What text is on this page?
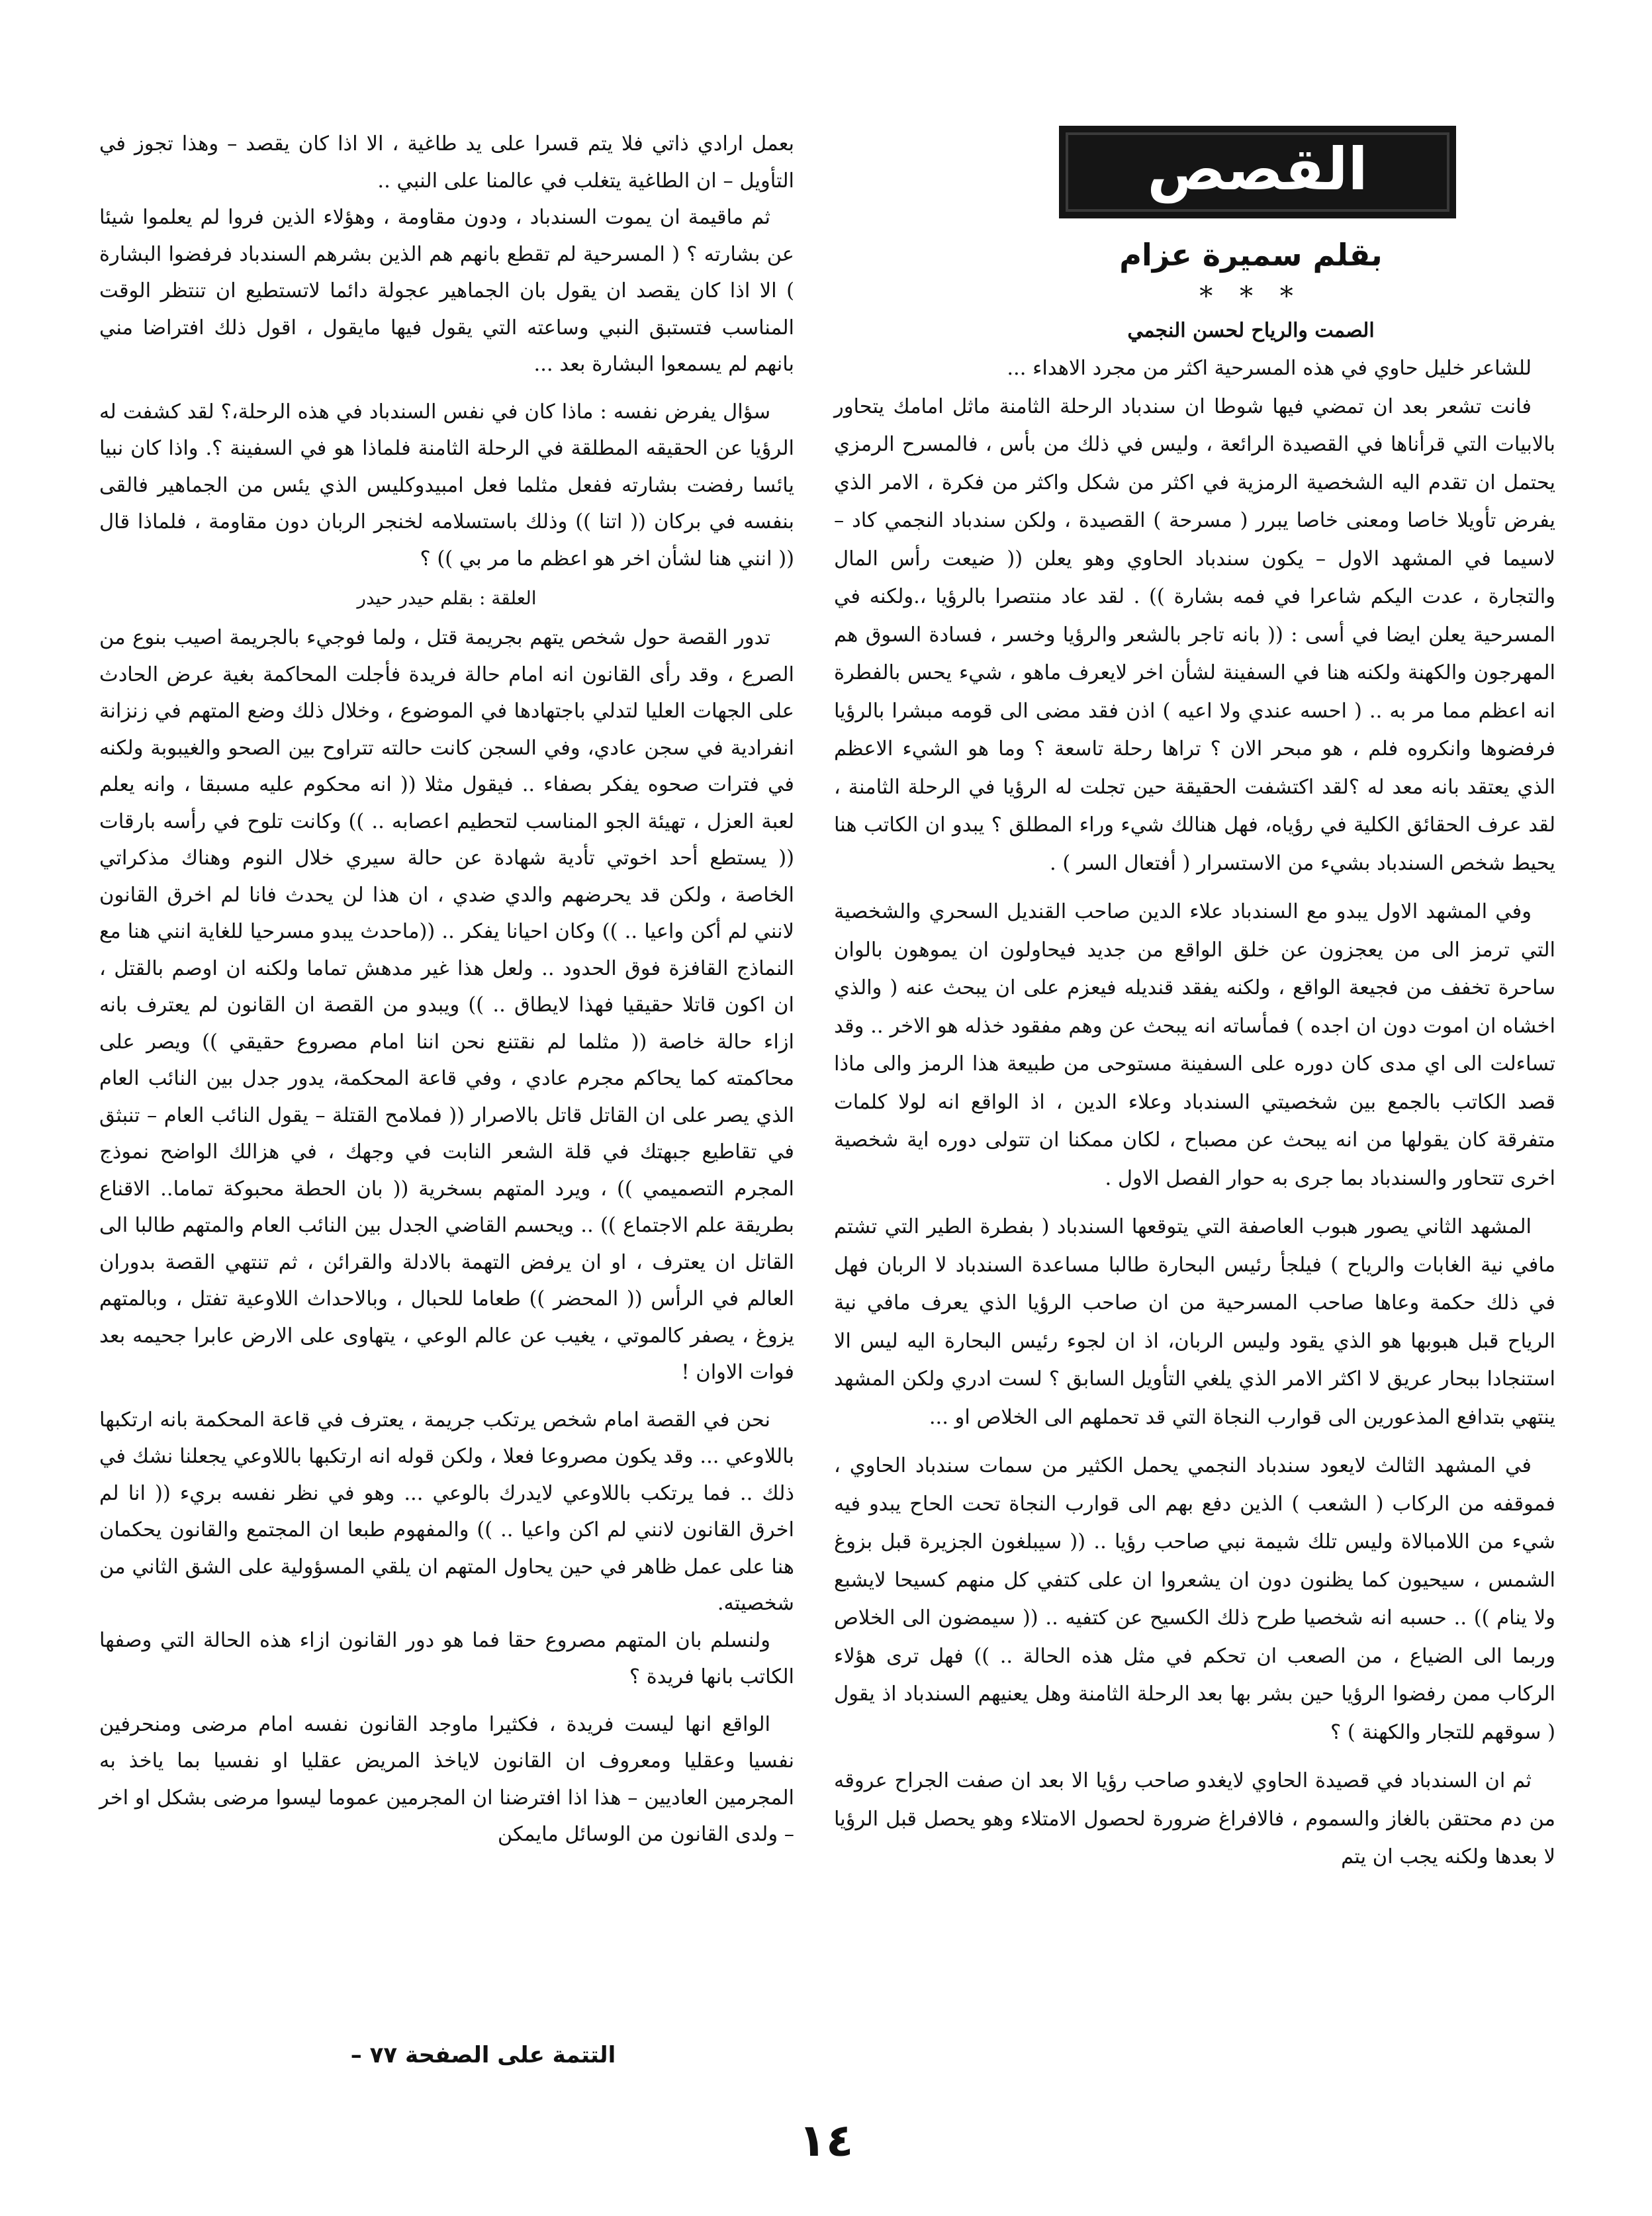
القصص
بقلم سميرة عزام
* * *
الصمت والرياح لحسن النجمي

للشاعر خليل حاوي في هذه المسرحية اكثر من مجرد الاهداء ...

فانت تشعر بعد ان تمضي فيها شوطا ان سندباد الرحلة الثامنة ماثل امامك يتحاور بالابيات التي قرأناها في القصيدة الرائعة ، وليس في ذلك من بأس ، فالمسرح الرمزي يحتمل ان تقدم اليه الشخصية الرمزية في اكثر من شكل واكثر من فكرة ، الامر الذي يفرض تأويلا خاصا ومعنى خاصا يبرر ( مسرحة ) القصيدة ، ولكن سندباد النجمي كاد – لاسيما في المشهد الاول – يكون سندباد الحاوي وهو يعلن (( ضيعت رأس المال والتجارة ، عدت اليكم شاعرا في فمه بشارة )) . لقد عاد منتصرا بالرؤيا ،.ولكنه في المسرحية يعلن ايضا في أسى : (( بانه تاجر بالشعر والرؤيا وخسر ، فسادة السوق هم المهرجون والكهنة ولكنه هنا في السفينة لشأن اخر لايعرف ماهو ، شيء يحس بالفطرة انه اعظم مما مر به .. ( احسه عندي ولا اعيه ) اذن فقد مضى الى قومه مبشرا بالرؤيا فرفضوها وانكروه فلم ، هو مبحر الان ؟ تراها رحلة تاسعة ؟ وما هو الشيء الاعظم الذي يعتقد بانه معد له ؟لقد اكتشفت الحقيقة حين تجلت له الرؤيا في الرحلة الثامنة ، لقد عرف الحقائق الكلية في رؤياه، فهل هنالك شيء وراء المطلق ؟ يبدو ان الكاتب هنا يحيط شخص السندباد بشيء من الاستسرار ( أفتعال السر ) .

وفي المشهد الاول يبدو مع السندباد علاء الدين صاحب القنديل السحري والشخصية التي ترمز الى من يعجزون عن خلق الواقع من جديد فيحاولون ان يموهون بالوان ساحرة تخفف من فجيعة الواقع ، ولكنه يفقد قنديله فيعزم على ان يبحث عنه ( والذي اخشاه ان اموت دون ان اجده ) فمأساته انه يبحث عن وهم مفقود خذله هو الاخر .. وقد تساءلت الى اي مدى كان دوره على السفينة مستوحى من طبيعة هذا الرمز والى ماذا قصد الكاتب بالجمع بين شخصيتي السندباد وعلاء الدين ، اذ الواقع انه لولا كلمات متفرقة كان يقولها من انه يبحث عن مصباح ، لكان ممكنا ان تتولى دوره اية شخصية اخرى تتحاور والسندباد بما جرى به حوار الفصل الاول .

المشهد الثاني يصور هبوب العاصفة التي يتوقعها السندباد ( بفطرة الطير التي تشتم مافي نية الغابات والرياح ) فيلجأ رئيس البحارة طالبا مساعدة السندباد لا الربان فهل في ذلك حكمة وعاها صاحب المسرحية من ان صاحب الرؤيا الذي يعرف مافي نية الرياح قبل هبوبها هو الذي يقود وليس الربان، اذ ان لجوء رئيس البحارة اليه ليس الا استنجادا ببحار عريق لا اكثر الامر الذي يلغي التأويل السابق ؟ لست ادري ولكن المشهد ينتهي بتدافع المذعورين الى قوارب النجاة التي قد تحملهم الى الخلاص او ...

في المشهد الثالث لايعود سندباد النجمي يحمل الكثير من سمات سندباد الحاوي ، فموقفه من الركاب ( الشعب ) الذين دفع بهم الى قوارب النجاة تحت الحاح يبدو فيه شيء من اللامبالاة وليس تلك شيمة نبي صاحب رؤيا .. (( سيبلغون الجزيرة قبل بزوغ الشمس ، سيحيون كما يظنون دون ان يشعروا ان على كتفي كل منهم كسيحا لايشبع ولا ينام )) .. حسبه انه شخصيا طرح ذلك الكسيح عن كتفيه .. (( سيمضون الى الخلاص وربما الى الضياع ، من الصعب ان تحكم في مثل هذه الحالة .. )) فهل ترى هؤلاء الركاب ممن رفضوا الرؤيا حين بشر بها بعد الرحلة الثامنة وهل يعنيهم السندباد اذ يقول ( سوقهم للتجار والكهنة ) ؟

ثم ان السندباد في قصيدة الحاوي لايغدو صاحب رؤيا الا بعد ان صفت الجراح عروقه من دم محتقن بالغاز والسموم ، فالافراغ ضرورة لحصول الامتلاء وهو يحصل قبل الرؤيا لا بعدها ولكنه يجب ان يتم

بعمل ارادي ذاتي فلا يتم قسرا على يد طاغية ، الا اذا كان يقصد – وهذا تجوز في التأويل – ان الطاغية يتغلب في عالمنا على النبي ..

ثم ماقيمة ان يموت السندباد ، ودون مقاومة ، وهؤلاء الذين فروا لم يعلموا شيئا عن بشارته ؟ ( المسرحية لم تقطع بانهم هم الذين بشرهم السندباد فرفضوا البشارة ) الا اذا كان يقصد ان يقول بان الجماهير عجولة دائما لاتستطيع ان تنتظر الوقت المناسب فتستبق النبي وساعته التي يقول فيها مايقول ، اقول ذلك افتراضا مني بانهم لم يسمعوا البشارة بعد ...

سؤال يفرض نفسه : ماذا كان في نفس السندباد في هذه الرحلة،؟ لقد كشفت له الرؤيا عن الحقيقه المطلقة في الرحلة الثامنة فلماذا هو في السفينة ؟. واذا كان نبيا يائسا رفضت بشارته ففعل مثلما فعل امبيدوكليس الذي يئس من الجماهير فالقى بنفسه في بركان (( اتنا )) وذلك باستسلامه لخنجر الربان دون مقاومة ، فلماذا قال (( انني هنا لشأن اخر هو اعظم ما مر بي )) ؟

العلقة : بقلم حيدر حيدر

تدور القصة حول شخص يتهم بجريمة قتل ، ولما فوجيء بالجريمة اصيب بنوع من الصرع ، وقد رأى القانون انه امام حالة فريدة فأجلت المحاكمة بغية عرض الحادث على الجهات العليا لتدلي باجتهادها في الموضوع ، وخلال ذلك وضع المتهم في زنزانة انفرادية في سجن عادي، وفي السجن كانت حالته تتراوح بين الصحو والغيبوبة ولكنه في فترات صحوه يفكر بصفاء .. فيقول مثلا (( انه محكوم عليه مسبقا ، وانه يعلم لعبة العزل ، تهيئة الجو المناسب لتحطيم اعصابه .. )) وكانت تلوح في رأسه بارقات (( يستطع أحد اخوتي تأدية شهادة عن حالة سيري خلال النوم وهناك مذكراتي الخاصة ، ولكن قد يحرضهم والدي ضدي ، ان هذا لن يحدث فانا لم اخرق القانون لانني لم أكن واعيا .. )) وكان احيانا يفكر .. ((ماحدث يبدو مسرحيا للغاية انني هنا مع النماذج القافزة فوق الحدود .. ولعل هذا غير مدهش تماما ولكنه ان اوصم بالقتل ، ان اكون قاتلا حقيقيا فهذا لايطاق .. )) ويبدو من القصة ان القانون لم يعترف بانه ازاء حالة خاصة (( مثلما لم نقتنع نحن اننا امام مصروع حقيقي )) ويصر على محاكمته كما يحاكم مجرم عادي ، وفي قاعة المحكمة، يدور جدل بين النائب العام الذي يصر على ان القاتل قاتل بالاصرار (( فملامح القتلة – يقول النائب العام – تنبثق في تقاطيع جبهتك في قلة الشعر النابت في وجهك ، في هزالك الواضح نموذج المجرم التصميمي )) ، ويرد المتهم بسخرية (( بان الحطة محبوكة تماما.. الاقناع بطريقة علم الاجتماع )) .. ويحسم القاضي الجدل بين النائب العام والمتهم طالبا الى القاتل ان يعترف ، او ان يرفض التهمة بالادلة والقرائن ، ثم تنتهي القصة بدوران العالم في الرأس (( المحضر )) طعاما للحبال ، وبالاحداث اللاوعية تفتل ، وبالمتهم يزوغ ، يصفر كالموتي ، يغيب عن عالم الوعي ، يتهاوى على الارض عابرا جحيمه بعد فوات الاوان !

نحن في القصة امام شخص يرتكب جريمة ، يعترف في قاعة المحكمة بانه ارتكبها باللاوعي ... وقد يكون مصروعا فعلا ، ولكن قوله انه ارتكبها باللاوعي يجعلنا نشك في ذلك .. فما يرتكب باللاوعي لايدرك بالوعي ... وهو في نظر نفسه بريء (( انا لم اخرق القانون لانني لم اكن واعيا .. )) والمفهوم طبعا ان المجتمع والقانون يحكمان هنا على عمل ظاهر في حين يحاول المتهم ان يلقي المسؤولية على الشق الثاني من شخصيته.

ولنسلم بان المتهم مصروع حقا فما هو دور القانون ازاء هذه الحالة التي وصفها الكاتب بانها فريدة ؟

الواقع انها ليست فريدة ، فكثيرا ماوجد القانون نفسه امام مرضى ومنحرفين نفسيا وعقليا ومعروف ان القانون لاياخذ المريض عقليا او نفسيا بما ياخذ به المجرمين العاديين – هذا اذا افترضنا ان المجرمين عموما ليسوا مرضى بشكل او اخر – ولدى القانون من الوسائل مايمكن

التتمة على الصفحة ٧٧ –
١٤
